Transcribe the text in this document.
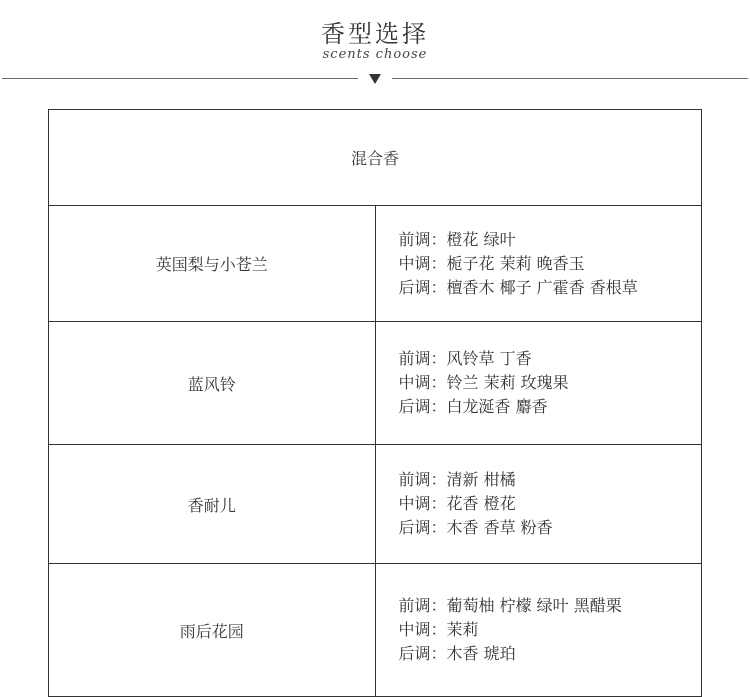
香型选择
scents choose
混合香	
英国梨与小苍兰	前调：橙花 绿叶
中调：栀子花 茉莉 晚香玉
后调：檀香木 椰子 广霍香 香根草

蓝风铃	前调：风铃草 丁香
中调：铃兰 茉莉 玫瑰果
后调：白龙涎香 麝香

香耐儿	前调：清新 柑橘
中调：花香 橙花
后调：木香 香草 粉香

雨后花园	前调：葡萄柚 柠檬 绿叶 黑醋栗
中调：茉莉
后调：木香 琥珀
